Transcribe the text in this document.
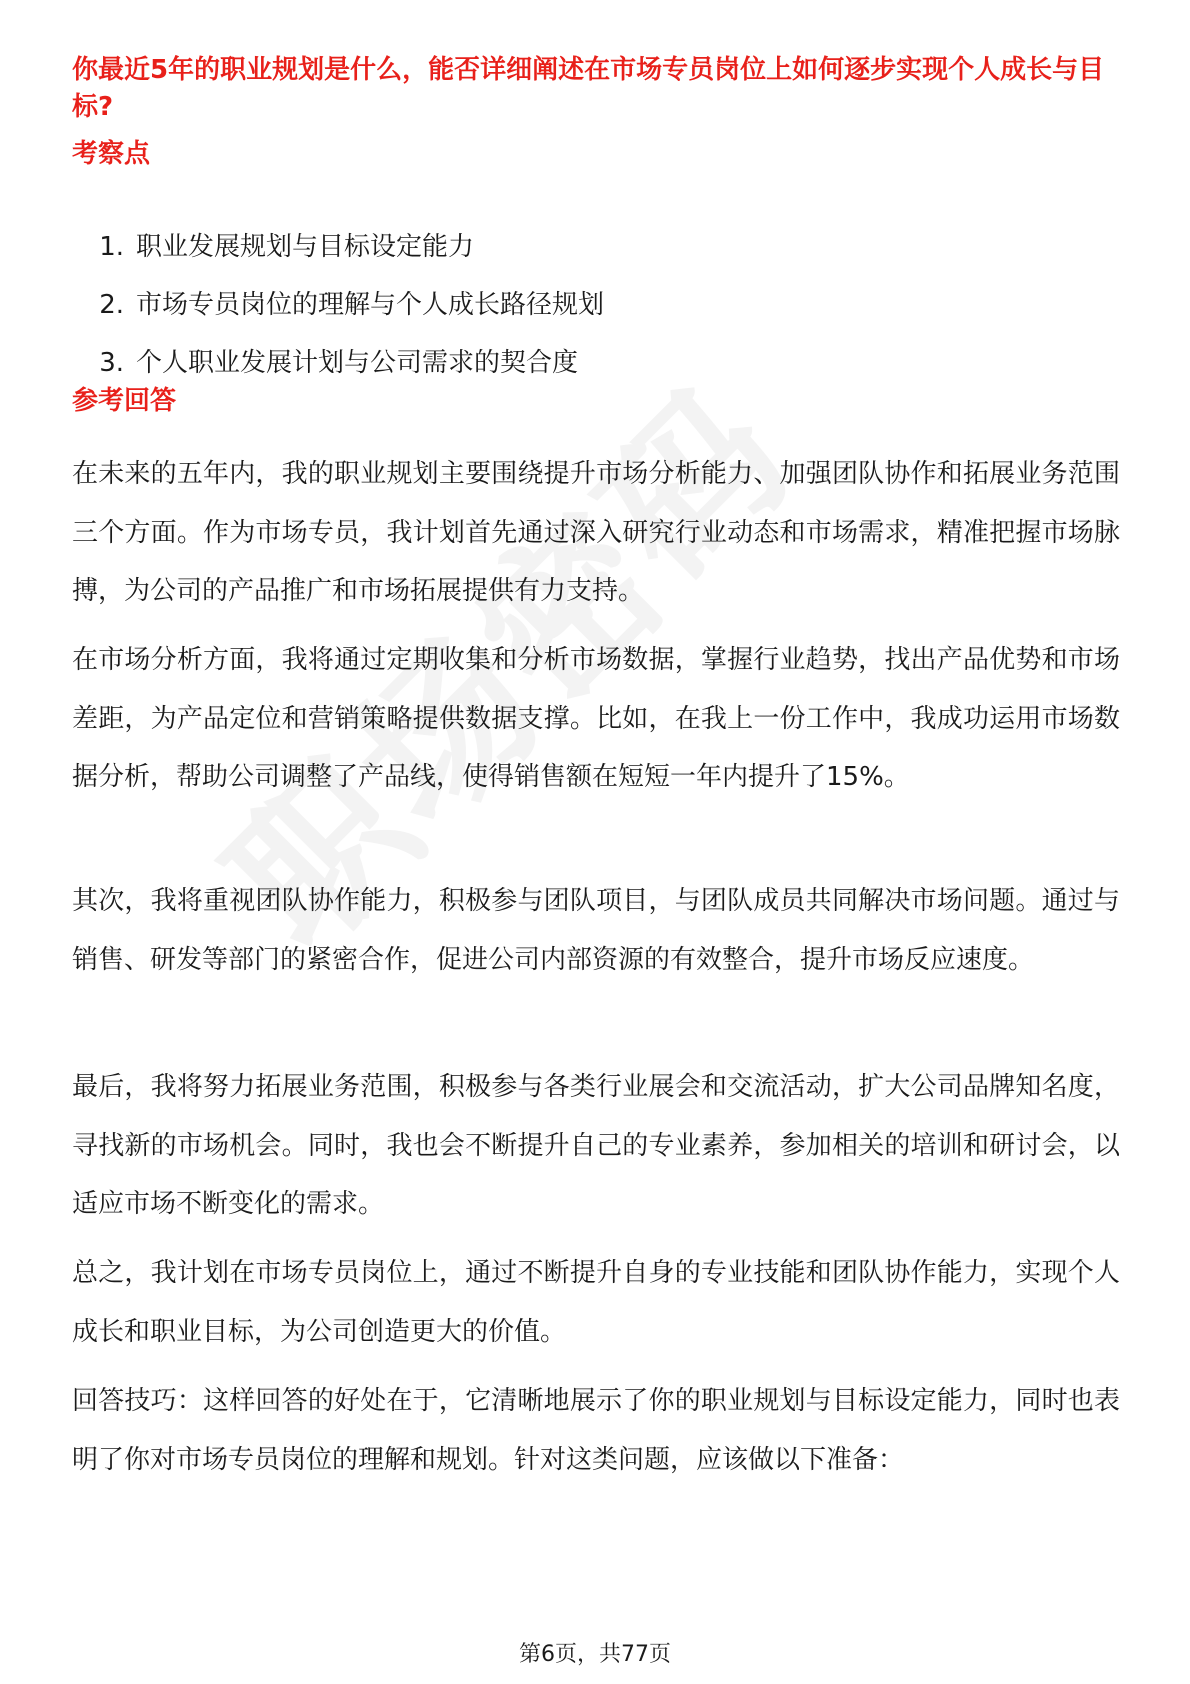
你最近5年的职业规划是什么，能否详细阐述在市场专员岗位上如何逐步实现个人成长与目标?
考察点
1. 职业发展规划与目标设定能力
2. 市场专员岗位的理解与个人成长路径规划
3. 个人职业发展计划与公司需求的契合度
参考回答

在未来的五年内，我的职业规划主要围绕提升市场分析能力、加强团队协作和拓展业务范围三个方面。作为市场专员，我计划首先通过深入研究行业动态和市场需求，精准把握市场脉搏，为公司的产品推广和市场拓展提供有力支持。

在市场分析方面，我将通过定期收集和分析市场数据，掌握行业趋势，找出产品优势和市场差距，为产品定位和营销策略提供数据支撑。比如，在我上一份工作中，我成功运用市场数据分析，帮助公司调整了产品线，使得销售额在短短一年内提升了15%。

其次，我将重视团队协作能力，积极参与团队项目，与团队成员共同解决市场问题。通过与销售、研发等部门的紧密合作，促进公司内部资源的有效整合，提升市场反应速度。

最后，我将努力拓展业务范围，积极参与各类行业展会和交流活动，扩大公司品牌知名度，寻找新的市场机会。同时，我也会不断提升自己的专业素养，参加相关的培训和研讨会，以适应市场不断变化的需求。

总之，我计划在市场专员岗位上，通过不断提升自身的专业技能和团队协作能力，实现个人成长和职业目标，为公司创造更大的价值。

回答技巧：这样回答的好处在于，它清晰地展示了你的职业规划与目标设定能力，同时也表明了你对市场专员岗位的理解和规划。针对这类问题，应该做以下准备：

第6页，共77页
